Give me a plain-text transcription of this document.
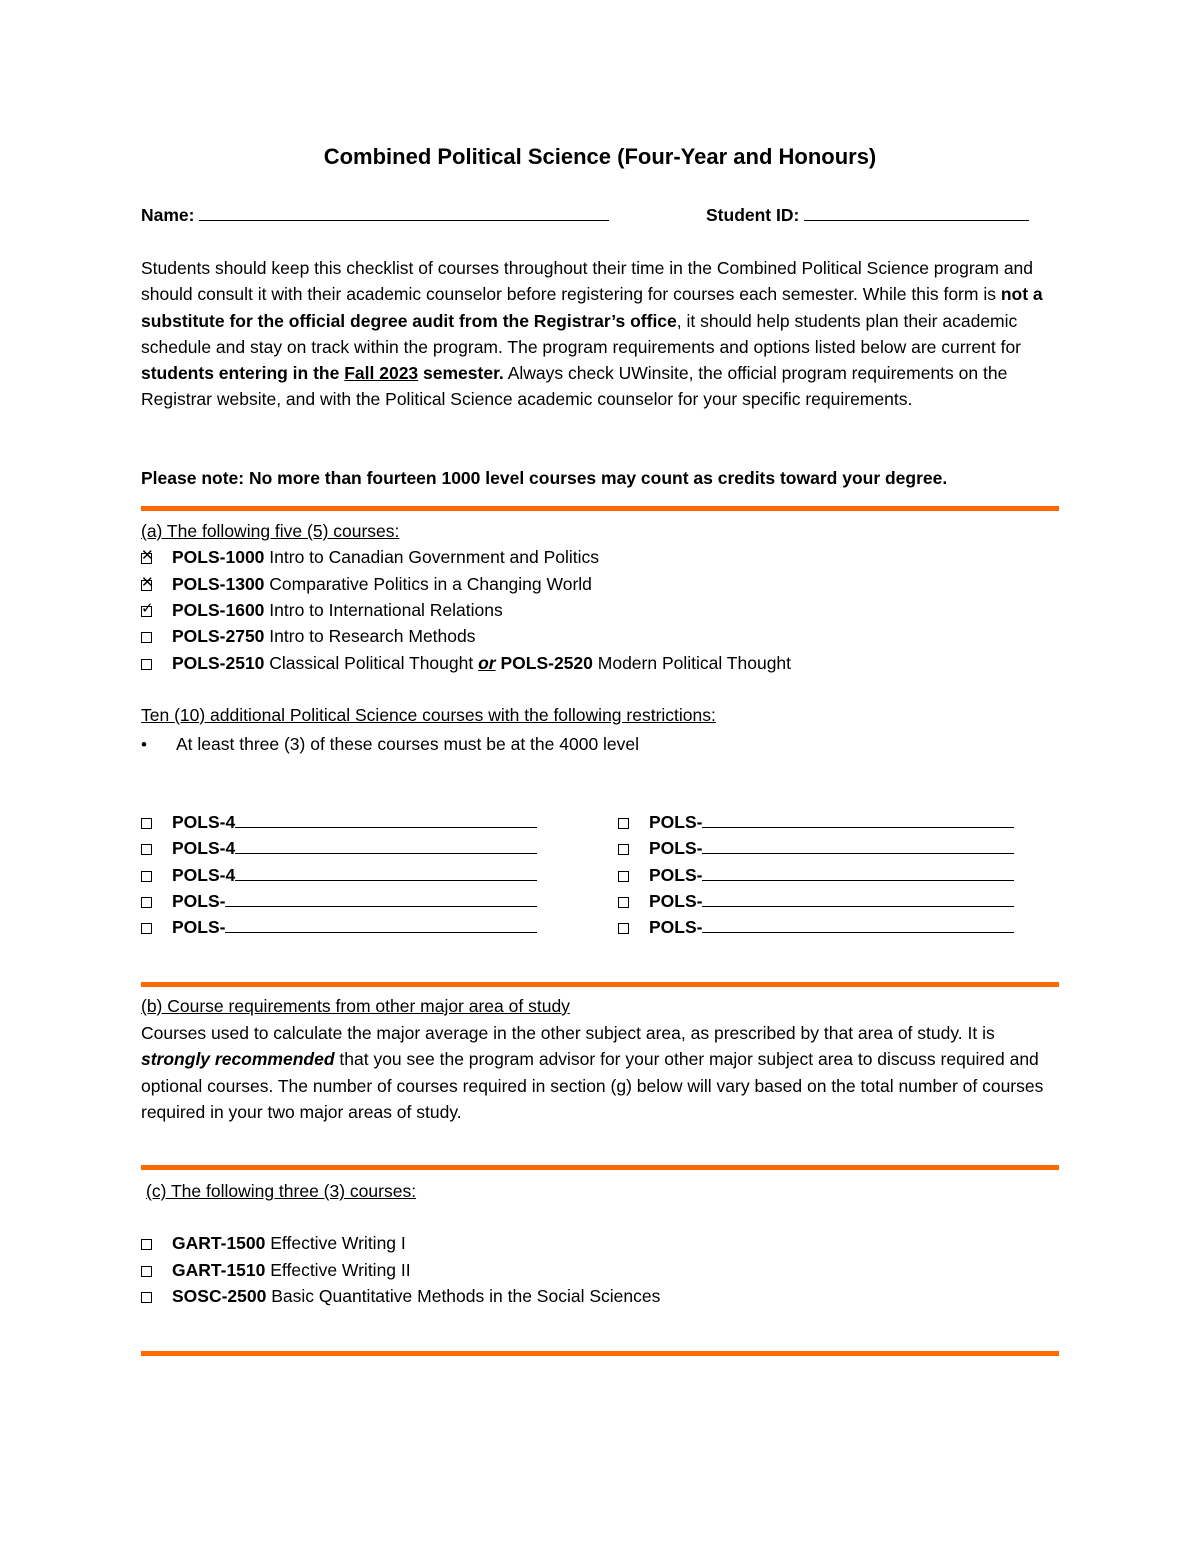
Combined Political Science (Four-Year and Honours)
Name:	Student ID:
Students should keep this checklist of courses throughout their time in the Combined Political Science program and should consult it with their academic counselor before registering for courses each semester. While this form is not a substitute for the official degree audit from the Registrar’s office, it should help students plan their academic schedule and stay on track within the program. The program requirements and options listed below are current for students entering in the Fall 2023 semester. Always check UWinsite, the official program requirements on the Registrar website, and with the Political Science academic counselor for your specific requirements.
Please note: No more than fourteen 1000 level courses may count as credits toward your degree.
(a) The following five (5) courses:
✕ POLS-1000 Intro to Canadian Government and Politics
✕ POLS-1300 Comparative Politics in a Changing World
✓ POLS-1600 Intro to International Relations
POLS-2750 Intro to Research Methods
POLS-2510 Classical Political Thought or POLS-2520 Modern Political Thought
Ten (10) additional Political Science courses with the following restrictions:
• At least three (3) of these courses must be at the 4000 level
POLS-4
POLS-4
POLS-4
POLS-
POLS-
POLS-
POLS-
POLS-
POLS-
POLS-
(b) Course requirements from other major area of study
Courses used to calculate the major average in the other subject area, as prescribed by that area of study. It is strongly recommended that you see the program advisor for your other major subject area to discuss required and optional courses. The number of courses required in section (g) below will vary based on the total number of courses required in your two major areas of study.
(c) The following three (3) courses:
GART-1500 Effective Writing I
GART-1510 Effective Writing II
SOSC-2500 Basic Quantitative Methods in the Social Sciences
